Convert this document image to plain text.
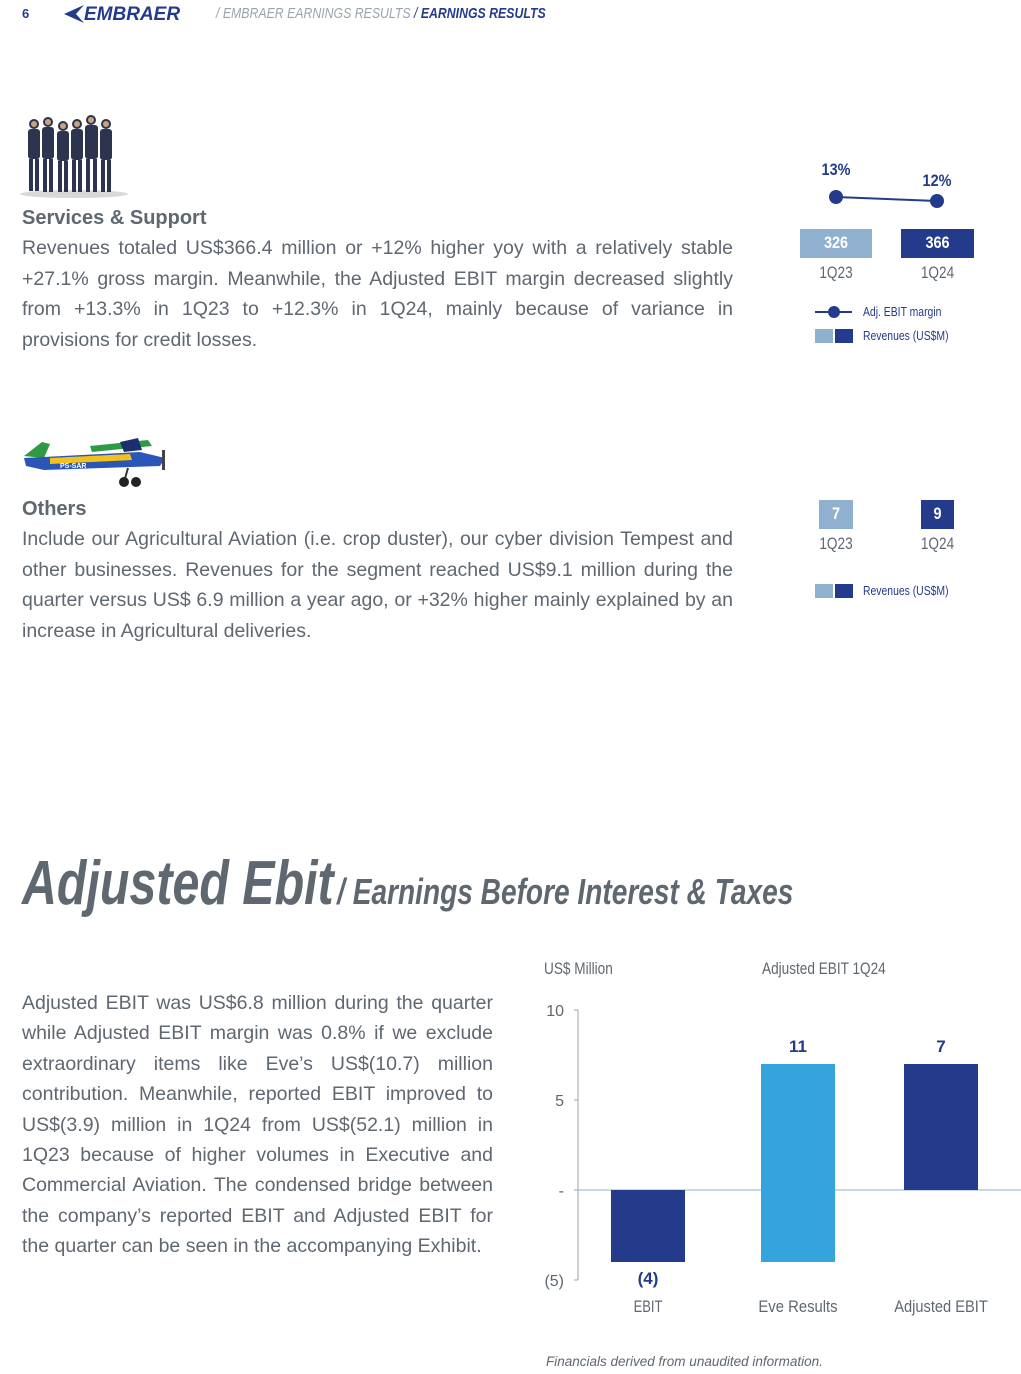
6	EMBRAER / EMBRAER EARNINGS RESULTS / EARNINGS RESULTS
Services & Support
Revenues totaled US$366.4 million or +12% higher yoy with a relatively stable +27.1% gross margin. Meanwhile, the Adjusted EBIT margin decreased slightly from +13.3% in 1Q23 to +12.3% in 1Q24, mainly because of variance in provisions for credit losses.
13%
12%
326	366
1Q23	1Q24
Adj. EBIT margin
Revenues (US$M)
PS-SAR
Others
Include our Agricultural Aviation (i.e. crop duster), our cyber division Tempest and other businesses. Revenues for the segment reached US$9.1 million during the quarter versus US$ 6.9 million a year ago, or +32% higher mainly explained by an increase in Agricultural deliveries.
7	9
1Q23	1Q24
Revenues (US$M)
Adjusted Ebit / Earnings Before Interest & Taxes
Adjusted EBIT was US$6.8 million during the quarter while Adjusted EBIT margin was 0.8% if we exclude extraordinary items like Eve’s US$(10.7) million contribution. Meanwhile, reported EBIT improved to US$(3.9) million in 1Q24 from US$(52.1) million in 1Q23 because of higher volumes in Executive and Commercial Aviation. The condensed bridge between the company’s reported EBIT and Adjusted EBIT for the quarter can be seen in the accompanying Exhibit.
US$ Million	Adjusted EBIT 1Q24
10
5
-
(5)	(4)
EBIT
11
Eve Results
7
Adjusted EBIT
Financials derived from unaudited information.
